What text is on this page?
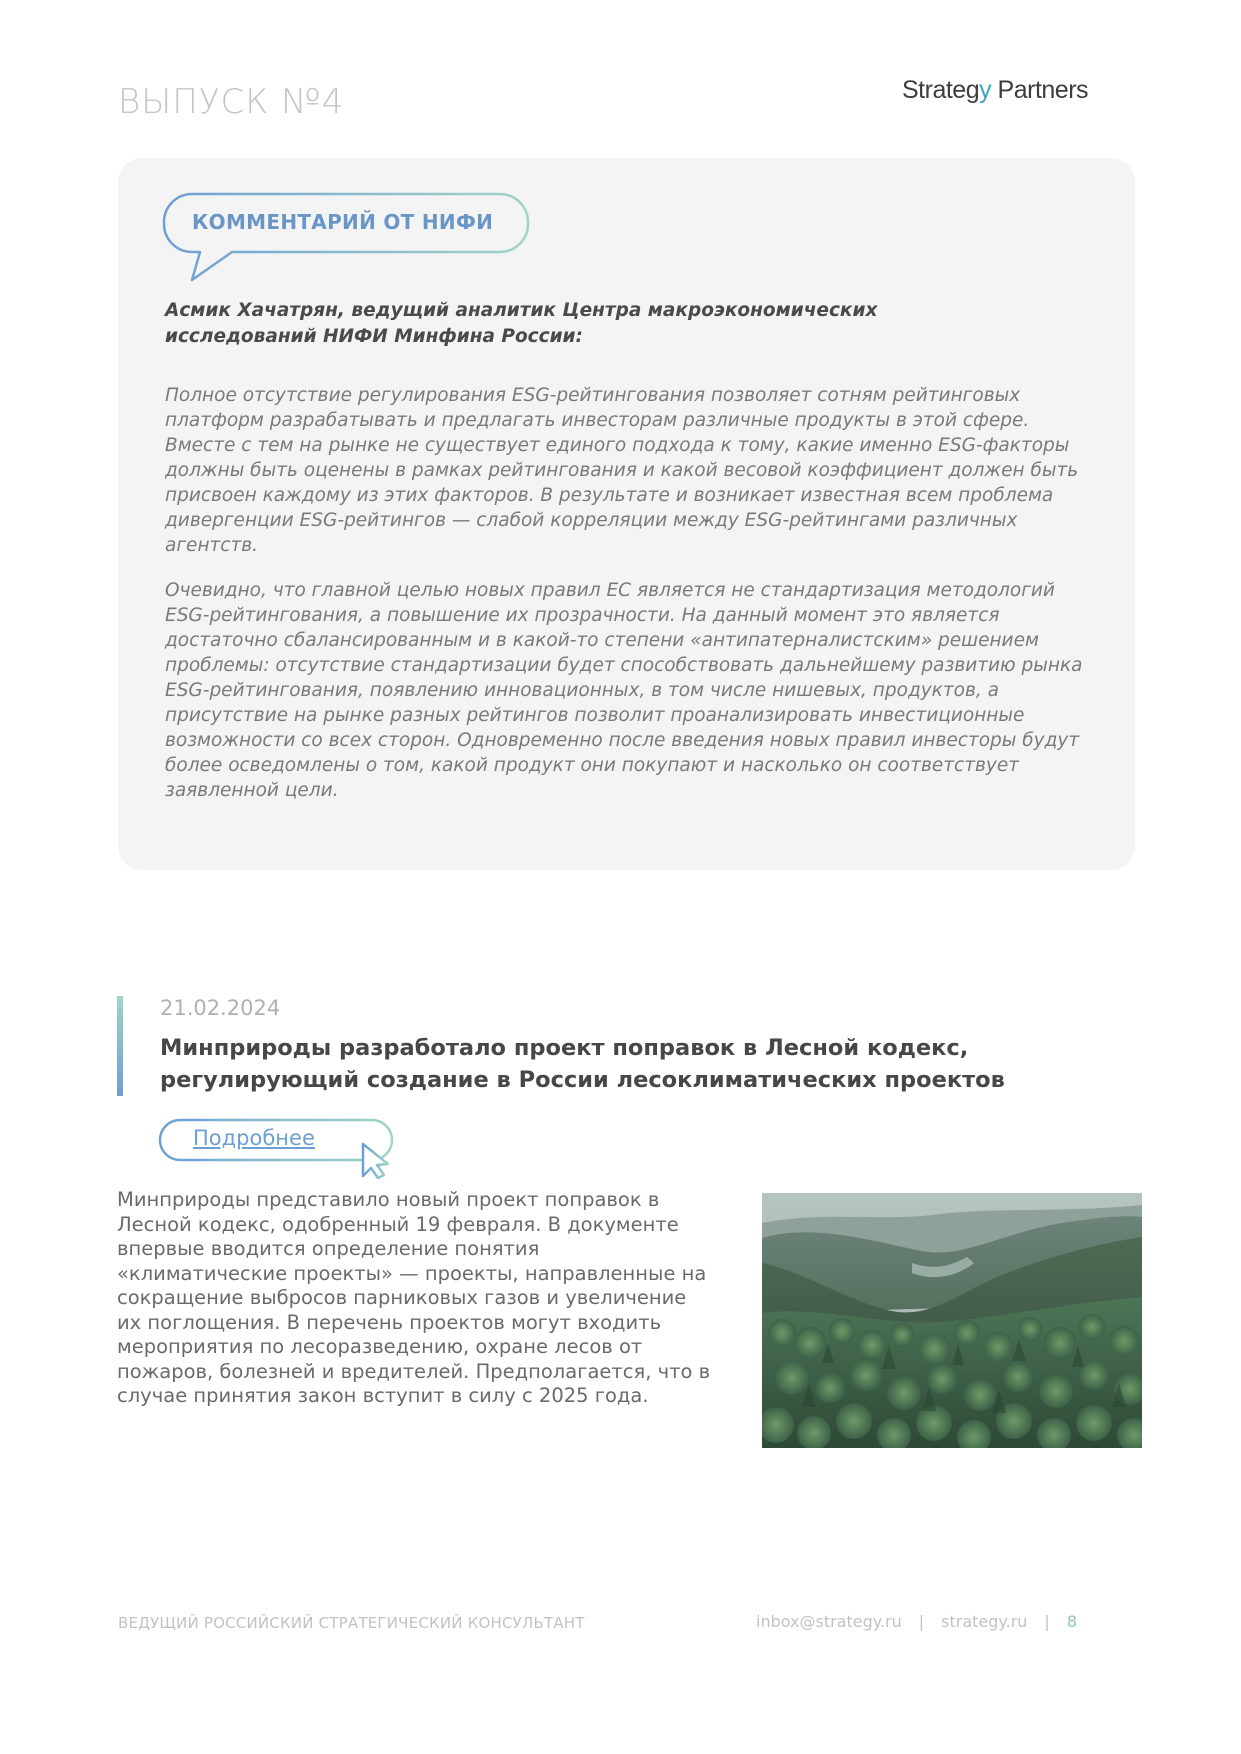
ВЫПУСК №4	Strategy Partners
КОММЕНТАРИЙ ОТ НИФИ
Асмик Хачатрян, ведущий аналитик Центра макроэкономических исследований НИФИ Минфина России:

Полное отсутствие регулирования ESG-рейтингования позволяет сотням рейтинговых платформ разрабатывать и предлагать инвесторам различные продукты в этой сфере. Вместе с тем на рынке не существует единого подхода к тому, какие именно ESG-факторы должны быть оценены в рамках рейтингования и какой весовой коэффициент должен быть присвоен каждому из этих факторов. В результате и возникает известная всем проблема дивергенции ESG-рейтингов — слабой корреляции между ESG-рейтингами различных агентств.

Очевидно, что главной целью новых правил ЕС является не стандартизация методологий ESG-рейтингования, а повышение их прозрачности. На данный момент это является достаточно сбалансированным и в какой-то степени «антипатерналистским» решением проблемы: отсутствие стандартизации будет способствовать дальнейшему развитию рынка ESG-рейтингования, появлению инновационных, в том числе нишевых, продуктов, а присутствие на рынке разных рейтингов позволит проанализировать инвестиционные возможности со всех сторон. Одновременно после введения новых правил инвесторы будут более осведомлены о том, какой продукт они покупают и насколько он соответствует заявленной цели.

21.02.2024
Минприроды разработало проект поправок в Лесной кодекс, регулирующий создание в России лесоклиматических проектов
Подробнее
Минприроды представило новый проект поправок в Лесной кодекс, одобренный 19 февраля. В документе впервые вводится определение понятия «климатические проекты» — проекты, направленные на сокращение выбросов парниковых газов и увеличение их поглощения. В перечень проектов могут входить мероприятия по лесоразведению, охране лесов от пожаров, болезней и вредителей. Предполагается, что в случае принятия закон вступит в силу с 2025 года.
ВЕДУЩИЙ РОССИЙСКИЙ СТРАТЕГИЧЕСКИЙ КОНСУЛЬТАНТ	inbox@strategy.ru | strategy.ru | 8
